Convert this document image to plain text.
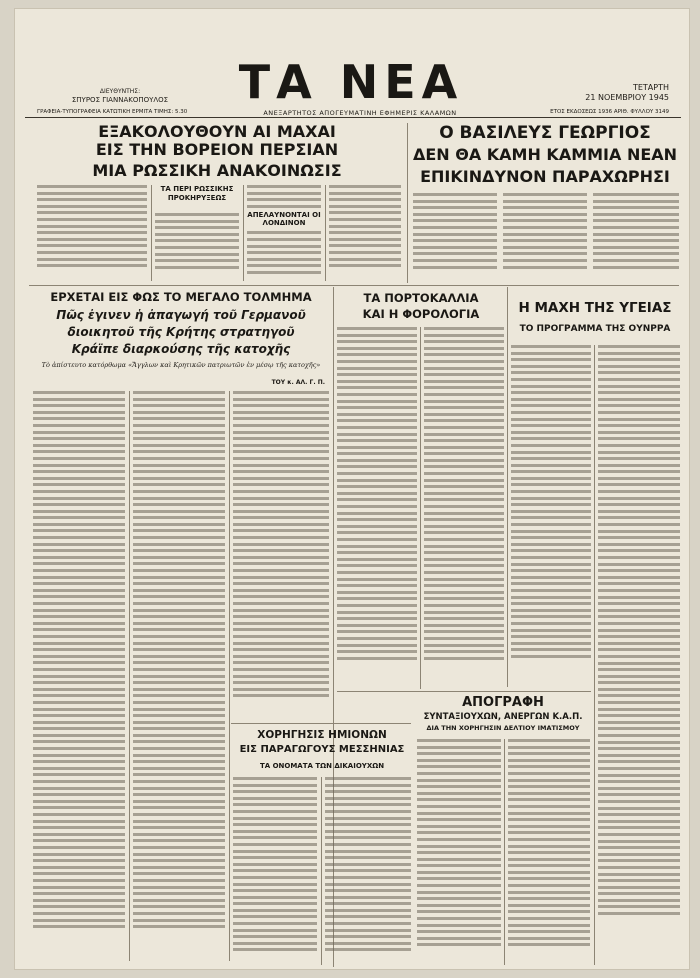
ΔΙΕΥΘΥΝΤΗΣ:
ΣΠΥΡΟΣ ΓΙΑΝΝΑΚΟΠΟΥΛΟΣ	ΤΑ ΝΕΑ	ΤΕΤΑΡΤΗ
21 ΝΟΕΜΒΡΙΟΥ 1945
ΓΡΑΦΕΙΑ-ΤΥΠΟΓΡΑΦΕΙΑ ΚΑΤΩΤΙΚΗ ΕΡΜΙΤΑ ΤΙΜΗΣ: 5.30	ΑΝΕΞΑΡΤΗΤΟΣ ΑΠΟΓΕΥΜΑΤΙΝΗ ΕΦΗΜΕΡΙΣ ΚΑΛΑΜΩΝ	ΕΤΟΣ ΕΚΔΟΣΕΩΣ 1936 ΑΡΙΘ. ΦΥΛΛΟΥ 3149
ΕΞΑΚΟΛΟΥΘΟΥΝ ΑΙ ΜΑΧΑΙ
ΕΙΣ ΤΗΝ ΒΟΡΕΙΟΝ ΠΕΡΣΙΑΝ
ΜΙΑ ΡΩΣΣΙΚΗ ΑΝΑΚΟΙΝΩΣΙΣ
ΤΑ ΠΕΡΙ ΡΩΣΣΙΚΗΣ ΠΡΟΚΗΡΥΞΕΩΣ
ΑΠΕΛΑΥΝΟΝΤΑΙ ΟΙ ΛΟΝΔΙΝΟΝ
Ο ΒΑΣΙΛΕΥΣ ΓΕΩΡΓΙΟΣ
ΔΕΝ ΘΑ ΚΑΜΗ ΚΑΜΜΙΑ ΝΕΑΝ
ΕΠΙΚΙΝΔΥΝΟΝ ΠΑΡΑΧΩΡΗΣΙ
ΕΡΧΕΤΑΙ ΕΙΣ ΦΩΣ ΤΟ ΜΕΓΑΛΟ ΤΟΛΜΗΜΑ
Πῶς ἐγινεν ἡ ἀπαγωγή τοῦ Γερμανοῦ
διοικητοῦ τῆς Κρήτης στρατηγοῦ
Κράϊπε διαρκούσης τῆς κατοχῆς
Τὸ ἀπίστευτο κατόρθωμα «Ἄγγλων καὶ Κρητικῶν πατριωτῶν ἐν μέσῳ τῆς κατοχῆς»
ΤΟΥ κ. ΑΛ. Γ. Π.
ΤΑ ΠΟΡΤΟΚΑΛΛΙΑ
ΚΑΙ Η ΦΟΡΟΛΟΓΙΑ	Η ΜΑΧΗ ΤΗΣ ΥΓΕΙΑΣ
ΤΟ ΠΡΟΓΡΑΜΜΑ ΤΗΣ ΟΥΝΡΡΑ
ΑΠΟΓΡΑΦΗ
ΣΥΝΤΑΞΙΟΥΧΩΝ, ΑΝΕΡΓΩΝ Κ.Α.Π.
ΔΙΑ ΤΗΝ ΧΟΡΗΓΗΣΙΝ ΔΕΛΤΙΟΥ ΙΜΑΤΙΣΜΟΥ
ΧΟΡΗΓΗΣΙΣ ΗΜΙΟΝΩΝ
ΕΙΣ ΠΑΡΑΓΩΓΟΥΣ ΜΕΣΣΗΝΙΑΣ
ΤΑ ΟΝΟΜΑΤΑ ΤΩΝ ΔΙΚΑΙΟΥΧΩΝ
